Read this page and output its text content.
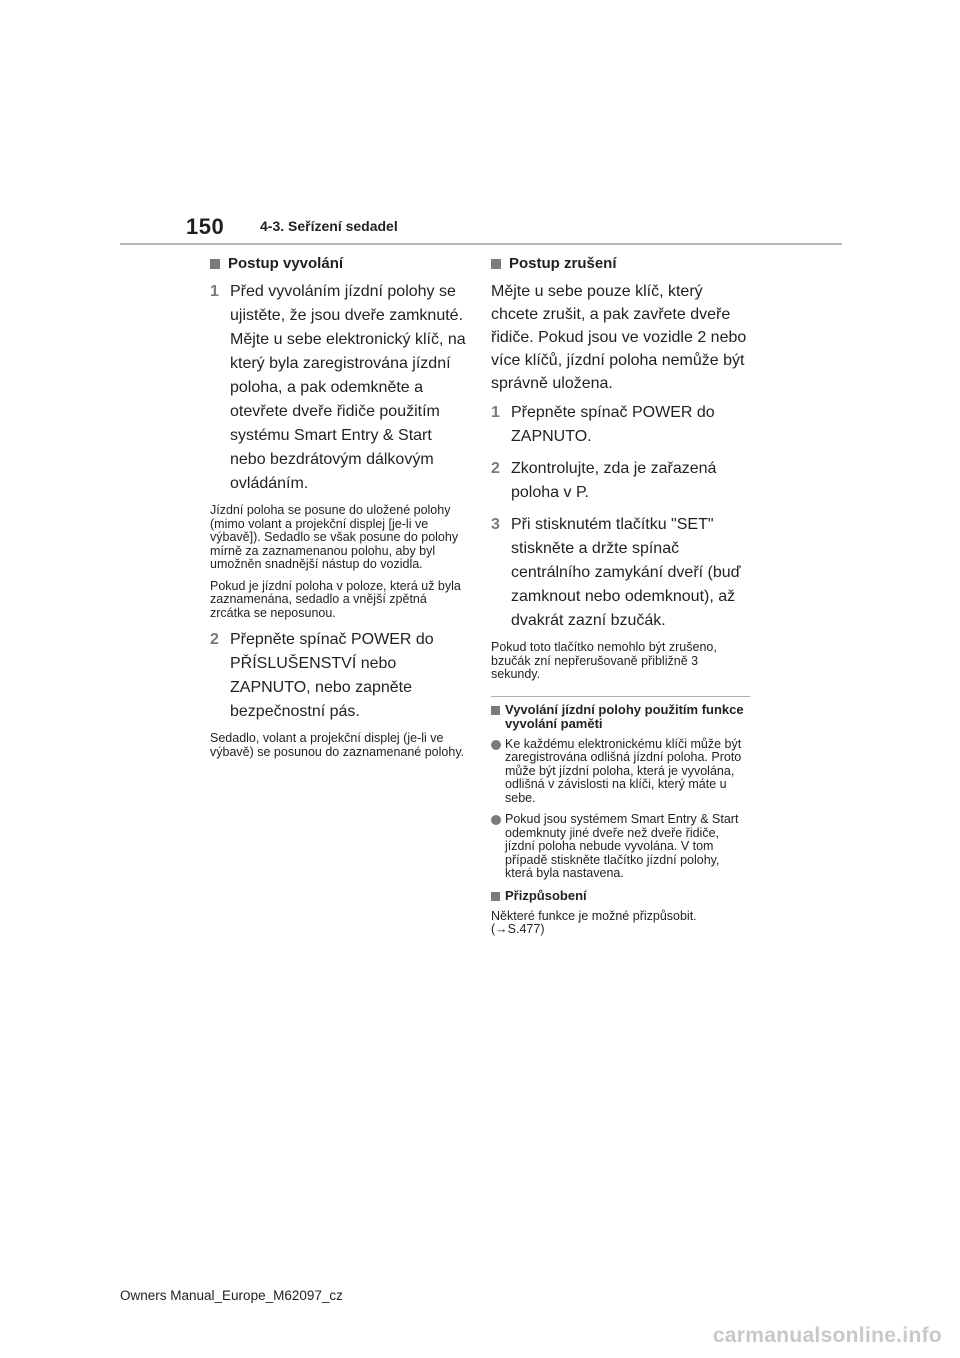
150	4-3. Seřízení sedadel
Postup vyvolání
1 Před vyvoláním jízdní polohy se ujistěte, že jsou dveře zamknuté. Mějte u sebe elektronický klíč, na který byla zaregistrována jízdní poloha, a pak odemkněte a otevřete dveře řidiče použitím systému Smart Entry & Start nebo bezdrátovým dálkovým ovládáním.

Jízdní poloha se posune do uložené polohy (mimo volant a projekční displej [je-li ve výbavě]). Sedadlo se však posune do polohy mírně za zaznamenanou polohu, aby byl umožněn snadnější nástup do vozidla.

Pokud je jízdní poloha v poloze, která už byla zaznamenána, sedadlo a vnější zpětná zrcátka se neposunou.

2 Přepněte spínač POWER do PŘÍSLUŠENSTVÍ nebo ZAPNUTO, nebo zapněte bezpečnostní pás.

Sedadlo, volant a projekční displej (je-li ve výbavě) se posunou do zaznamenané polohy.

Postup zrušení

Mějte u sebe pouze klíč, který chcete zrušit, a pak zavřete dveře řidiče. Pokud jsou ve vozidle 2 nebo více klíčů, jízdní poloha nemůže být správně uložena.

1 Přepněte spínač POWER do ZAPNUTO.
2 Zkontrolujte, zda je zařazená poloha v P.
3 Při stisknutém tlačítku "SET" stiskněte a držte spínač centrálního zamykání dveří (buď zamknout nebo odemknout), až dvakrát zazní bzučák.

Pokud toto tlačítko nemohlo být zrušeno, bzučák zní nepřerušovaně přibližně 3 sekundy.

Vyvolání jízdní polohy použitím funkce vyvolání paměti
Ke každému elektronickému klíči může být zaregistrována odlišná jízdní poloha. Proto může být jízdní poloha, která je vyvolána, odlišná v závislosti na klíči, který máte u sebe.
Pokud jsou systémem Smart Entry & Start odemknuty jiné dveře než dveře řidiče, jízdní poloha nebude vyvolána. V tom případě stiskněte tlačítko jízdní polohy, která byla nastavena.
Přizpůsobení

Některé funkce je možné přizpůsobit. (→S.477)

Owners Manual_Europe_M62097_cz
carmanualsonline.info
